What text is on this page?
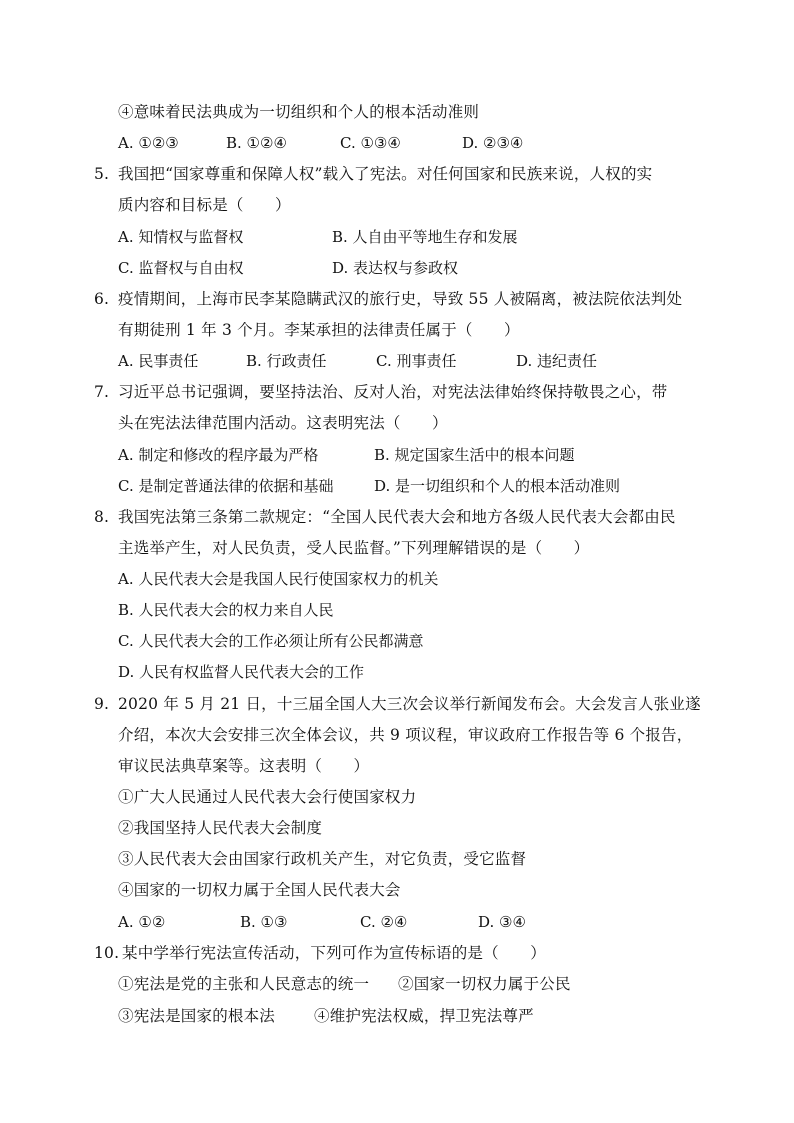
④意味着民法典成为一切组织和个人的根本活动准则
A. ①②③	B. ①②④	C. ①③④	D. ②③④
5. 我国把“国家尊重和保障人权”载入了宪法。对任何国家和民族来说，人权的实
质内容和目标是（　　）
A. 知情权与监督权	B. 人自由平等地生存和发展
C. 监督权与自由权	D. 表达权与参政权
6. 疫情期间，上海市民李某隐瞒武汉的旅行史，导致 55 人被隔离，被法院依法判处
有期徒刑 1 年 3 个月。李某承担的法律责任属于（　　）
A. 民事责任	B. 行政责任	C. 刑事责任	D. 违纪责任
7. 习近平总书记强调，要坚持法治、反对人治，对宪法法律始终保持敬畏之心，带
头在宪法法律范围内活动。这表明宪法（　　）
A. 制定和修改的程序最为严格	B. 规定国家生活中的根本问题
C. 是制定普通法律的依据和基础	D. 是一切组织和个人的根本活动准则
8. 我国宪法第三条第二款规定：“全国人民代表大会和地方各级人民代表大会都由民
主选举产生，对人民负责，受人民监督。”下列理解错误的是（　　）
A. 人民代表大会是我国人民行使国家权力的机关
B. 人民代表大会的权力来自人民
C. 人民代表大会的工作必须让所有公民都满意
D. 人民有权监督人民代表大会的工作
9. 2020 年 5 月 21 日，十三届全国人大三次会议举行新闻发布会。大会发言人张业遂
介绍，本次大会安排三次全体会议，共 9 项议程，审议政府工作报告等 6 个报告，
审议民法典草案等。这表明（　　）
①广大人民通过人民代表大会行使国家权力
②我国坚持人民代表大会制度
③人民代表大会由国家行政机关产生，对它负责，受它监督
④国家的一切权力属于全国人民代表大会
A. ①②	B. ①③	C. ②④	D. ③④
10. 某中学举行宪法宣传活动，下列可作为宣传标语的是（　　）
①宪法是党的主张和人民意志的统一 ②国家一切权力属于公民
③宪法是国家的根本法	④维护宪法权威，捍卫宪法尊严
